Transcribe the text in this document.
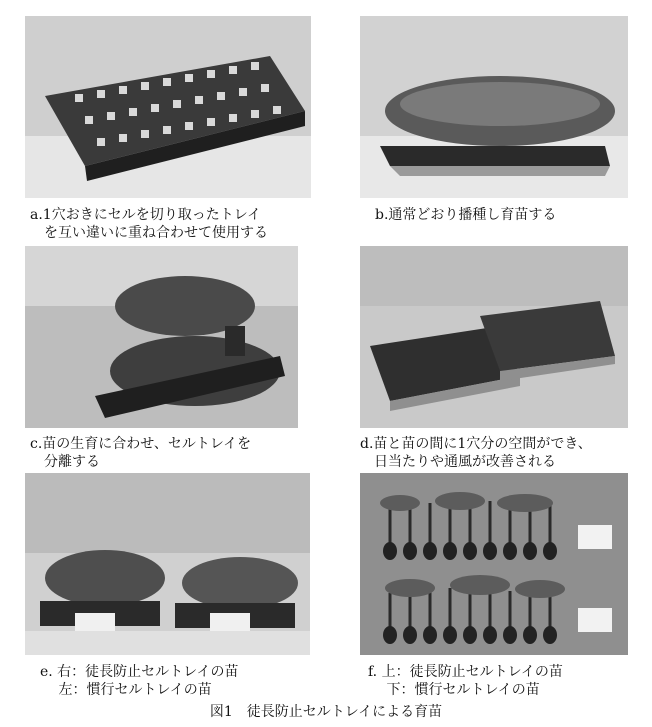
a.1穴おきにセルを切り取ったトレイ
　を互い違いに重ね合わせて使用する
b.通常どおり播種し育苗する
c.苗の生育に合わせ、セルトレイを
　分離する
d.苗と苗の間に1穴分の空間ができ、
　日当たりや通風が改善される
e. 右：徒長防止セルトレイの苗
　 左：慣行セルトレイの苗
f. 上：徒長防止セルトレイの苗
　 下：慣行セルトレイの苗
図1　徒長防止セルトレイによる育苗
